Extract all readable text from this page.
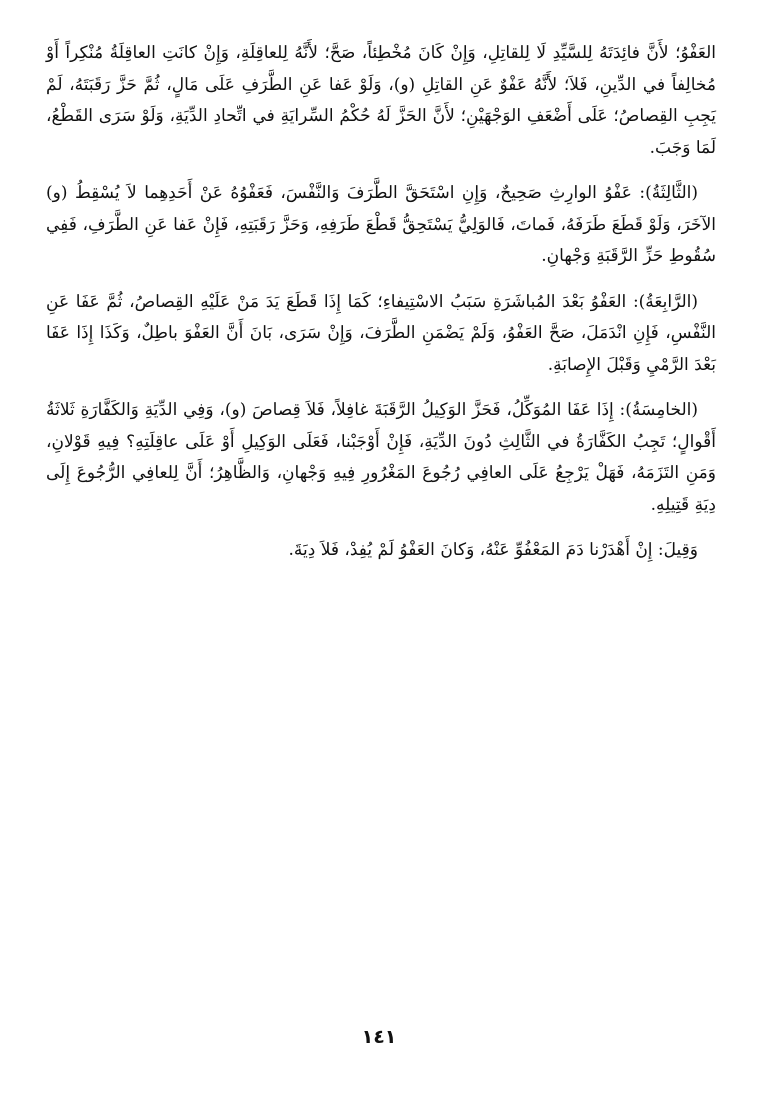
العَفْوُ؛ لأَنَّ فائِدَتَهُ لِلسَّيِّدِ لَا لِلقاتِلِ، وَإِنْ كَانَ مُخْطِئاً، صَحَّ؛ لأَنَّهُ لِلعاقِلَةِ، وَإِنْ كانَتِ العاقِلَةُ مُنْكِراً أَوْ مُخالِفاً في الدِّينِ، فَلاَ؛ لأَنَّهُ عَفْوٌ عَنِ القاتِلِ (و)، وَلَوْ عَفا عَنِ الطَّرَفِ عَلَى مَالٍ، ثُمَّ حَزَّ رَقَبَتَهُ، لَمْ يَجِبِ القِصاصُ؛ عَلَى أَضْعَفِ الوَجْهَيْنِ؛ لأَنَّ الحَزَّ لَهُ حُكْمُ السِّرايَةِ في اتِّحادِ الدِّيَةِ، وَلَوْ سَرَى القَطْعُ، لَمَا وَجَبَ.

(الثَّالِثَةُ): عَفْوُ الوارِثِ صَحِيحٌ، وَإِنِ اسْتَحَقَّ الطَّرَفَ وَالنَّفْسَ، فَعَفْوُهُ عَنْ أَحَدِهِما لاَ يُسْقِطُ (و) الآخَرَ، وَلَوْ قَطَعَ طَرَفَهُ، فَماتَ، فَالوَلِيُّ يَسْتَحِقُّ قَطْعَ طَرَفِهِ، وَحَزَّ رَقَبَتِهِ، فَإِنْ عَفا عَنِ الطَّرَفِ، فَفِي سُقُوطِ حَزِّ الرَّقَبَةِ وَجْهانِ.

(الرَّابِعَةُ): العَفْوُ بَعْدَ المُباشَرَةِ سَبَبُ الاسْتِيفاءِ؛ كَمَا إِذَا قَطَعَ يَدَ مَنْ عَلَيْهِ القِصاصُ، ثُمَّ عَفَا عَنِ النَّفْسِ، فَإِنِ انْدَمَلَ، صَحَّ العَفْوُ، وَلَمْ يَضْمَنِ الطَّرَفَ، وَإِنْ سَرَى، بَانَ أَنَّ العَفْوَ باطِلٌ، وَكَذَا إِذَا عَفَا بَعْدَ الرَّمْيِ وَقَبْلَ الإِصابَةِ.

(الخامِسَةُ): إِذَا عَفَا المُوَكِّلُ، فَحَزَّ الوَكِيلُ الرَّقَبَةَ غافِلاً، فَلاَ قِصاصَ (و)، وَفِي الدِّيَةِ وَالكَفَّارَةِ ثَلاثَةُ أَقْوالٍ؛ تَجِبُ الكَفَّارَةُ في الثَّالِثِ دُونَ الدِّيَةِ، فَإِنْ أَوْجَبْنا، فَعَلَى الوَكِيلِ أَوْ عَلَى عاقِلَتِهِ؟ فِيهِ قَوْلانِ، وَمَنِ التَزَمَهُ، فَهَلْ يَرْجِعُ عَلَى العافِي رُجُوعَ المَغْرُورِ فِيهِ وَجْهانِ، وَالظَّاهِرُ؛ أَنَّ لِلعافِي الرُّجُوعَ إِلَى دِيَةِ قَتِيلِهِ.

وَقِيلَ: إِنْ أَهْدَرْنا دَمَ المَعْفُوِّ عَنْهُ، وَكانَ العَفْوُ لَمْ يُفِدْ، فَلاَ دِيَةَ.

١٤١
